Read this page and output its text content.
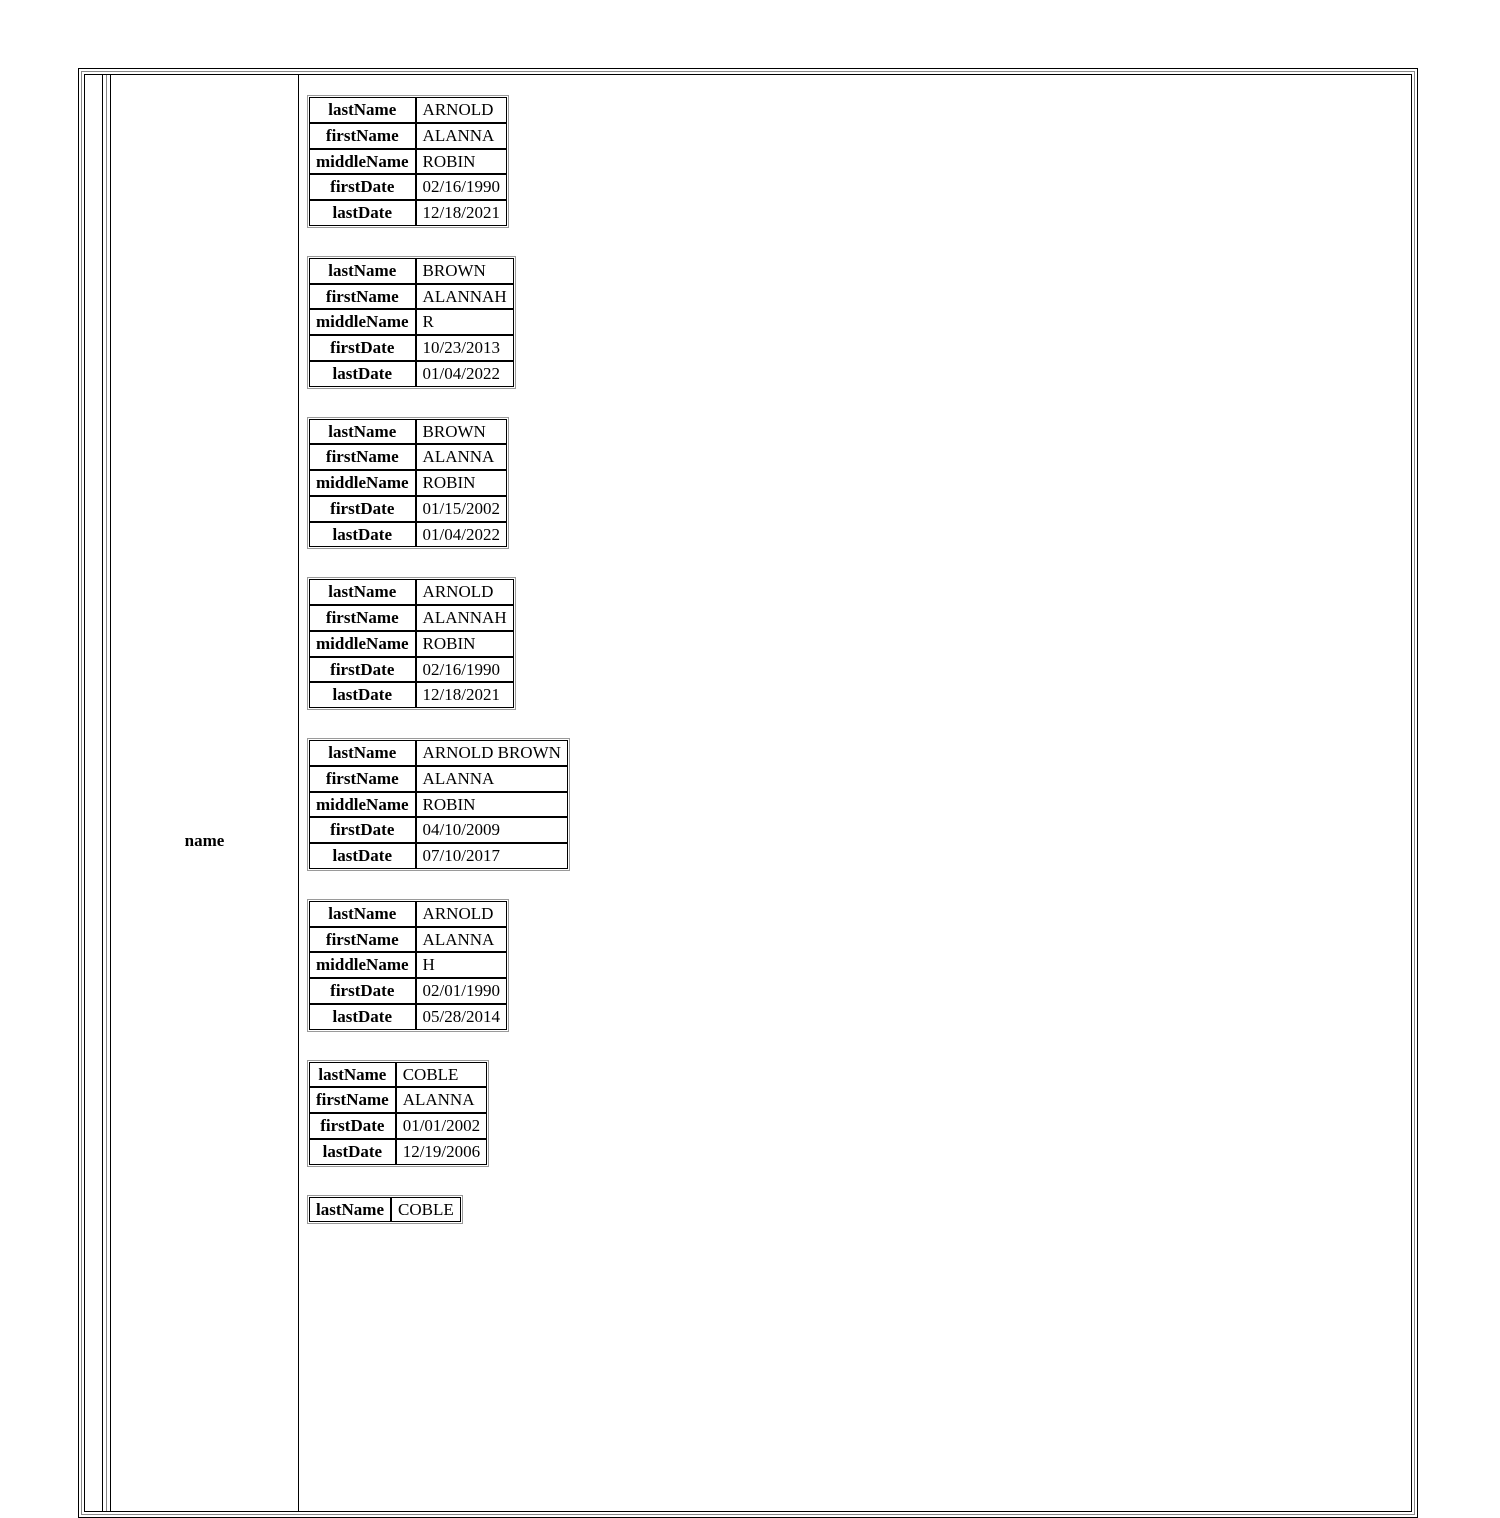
name
lastName	ARNOLD
firstName	ALANNA
middleName	ROBIN
firstDate	02/16/1990
lastDate	12/18/2021
lastName	BROWN
firstName	ALANNAH
middleName	R
firstDate	10/23/2013
lastDate	01/04/2022
lastName	BROWN
firstName	ALANNA
middleName	ROBIN
firstDate	01/15/2002
lastDate	01/04/2022
lastName	ARNOLD
firstName	ALANNAH
middleName	ROBIN
firstDate	02/16/1990
lastDate	12/18/2021
lastName	ARNOLD BROWN
firstName	ALANNA
middleName	ROBIN
firstDate	04/10/2009
lastDate	07/10/2017
lastName	ARNOLD
firstName	ALANNA
middleName	H
firstDate	02/01/1990
lastDate	05/28/2014
lastName	COBLE
firstName	ALANNA
firstDate	01/01/2002
lastDate	12/19/2006
lastName	COBLE
